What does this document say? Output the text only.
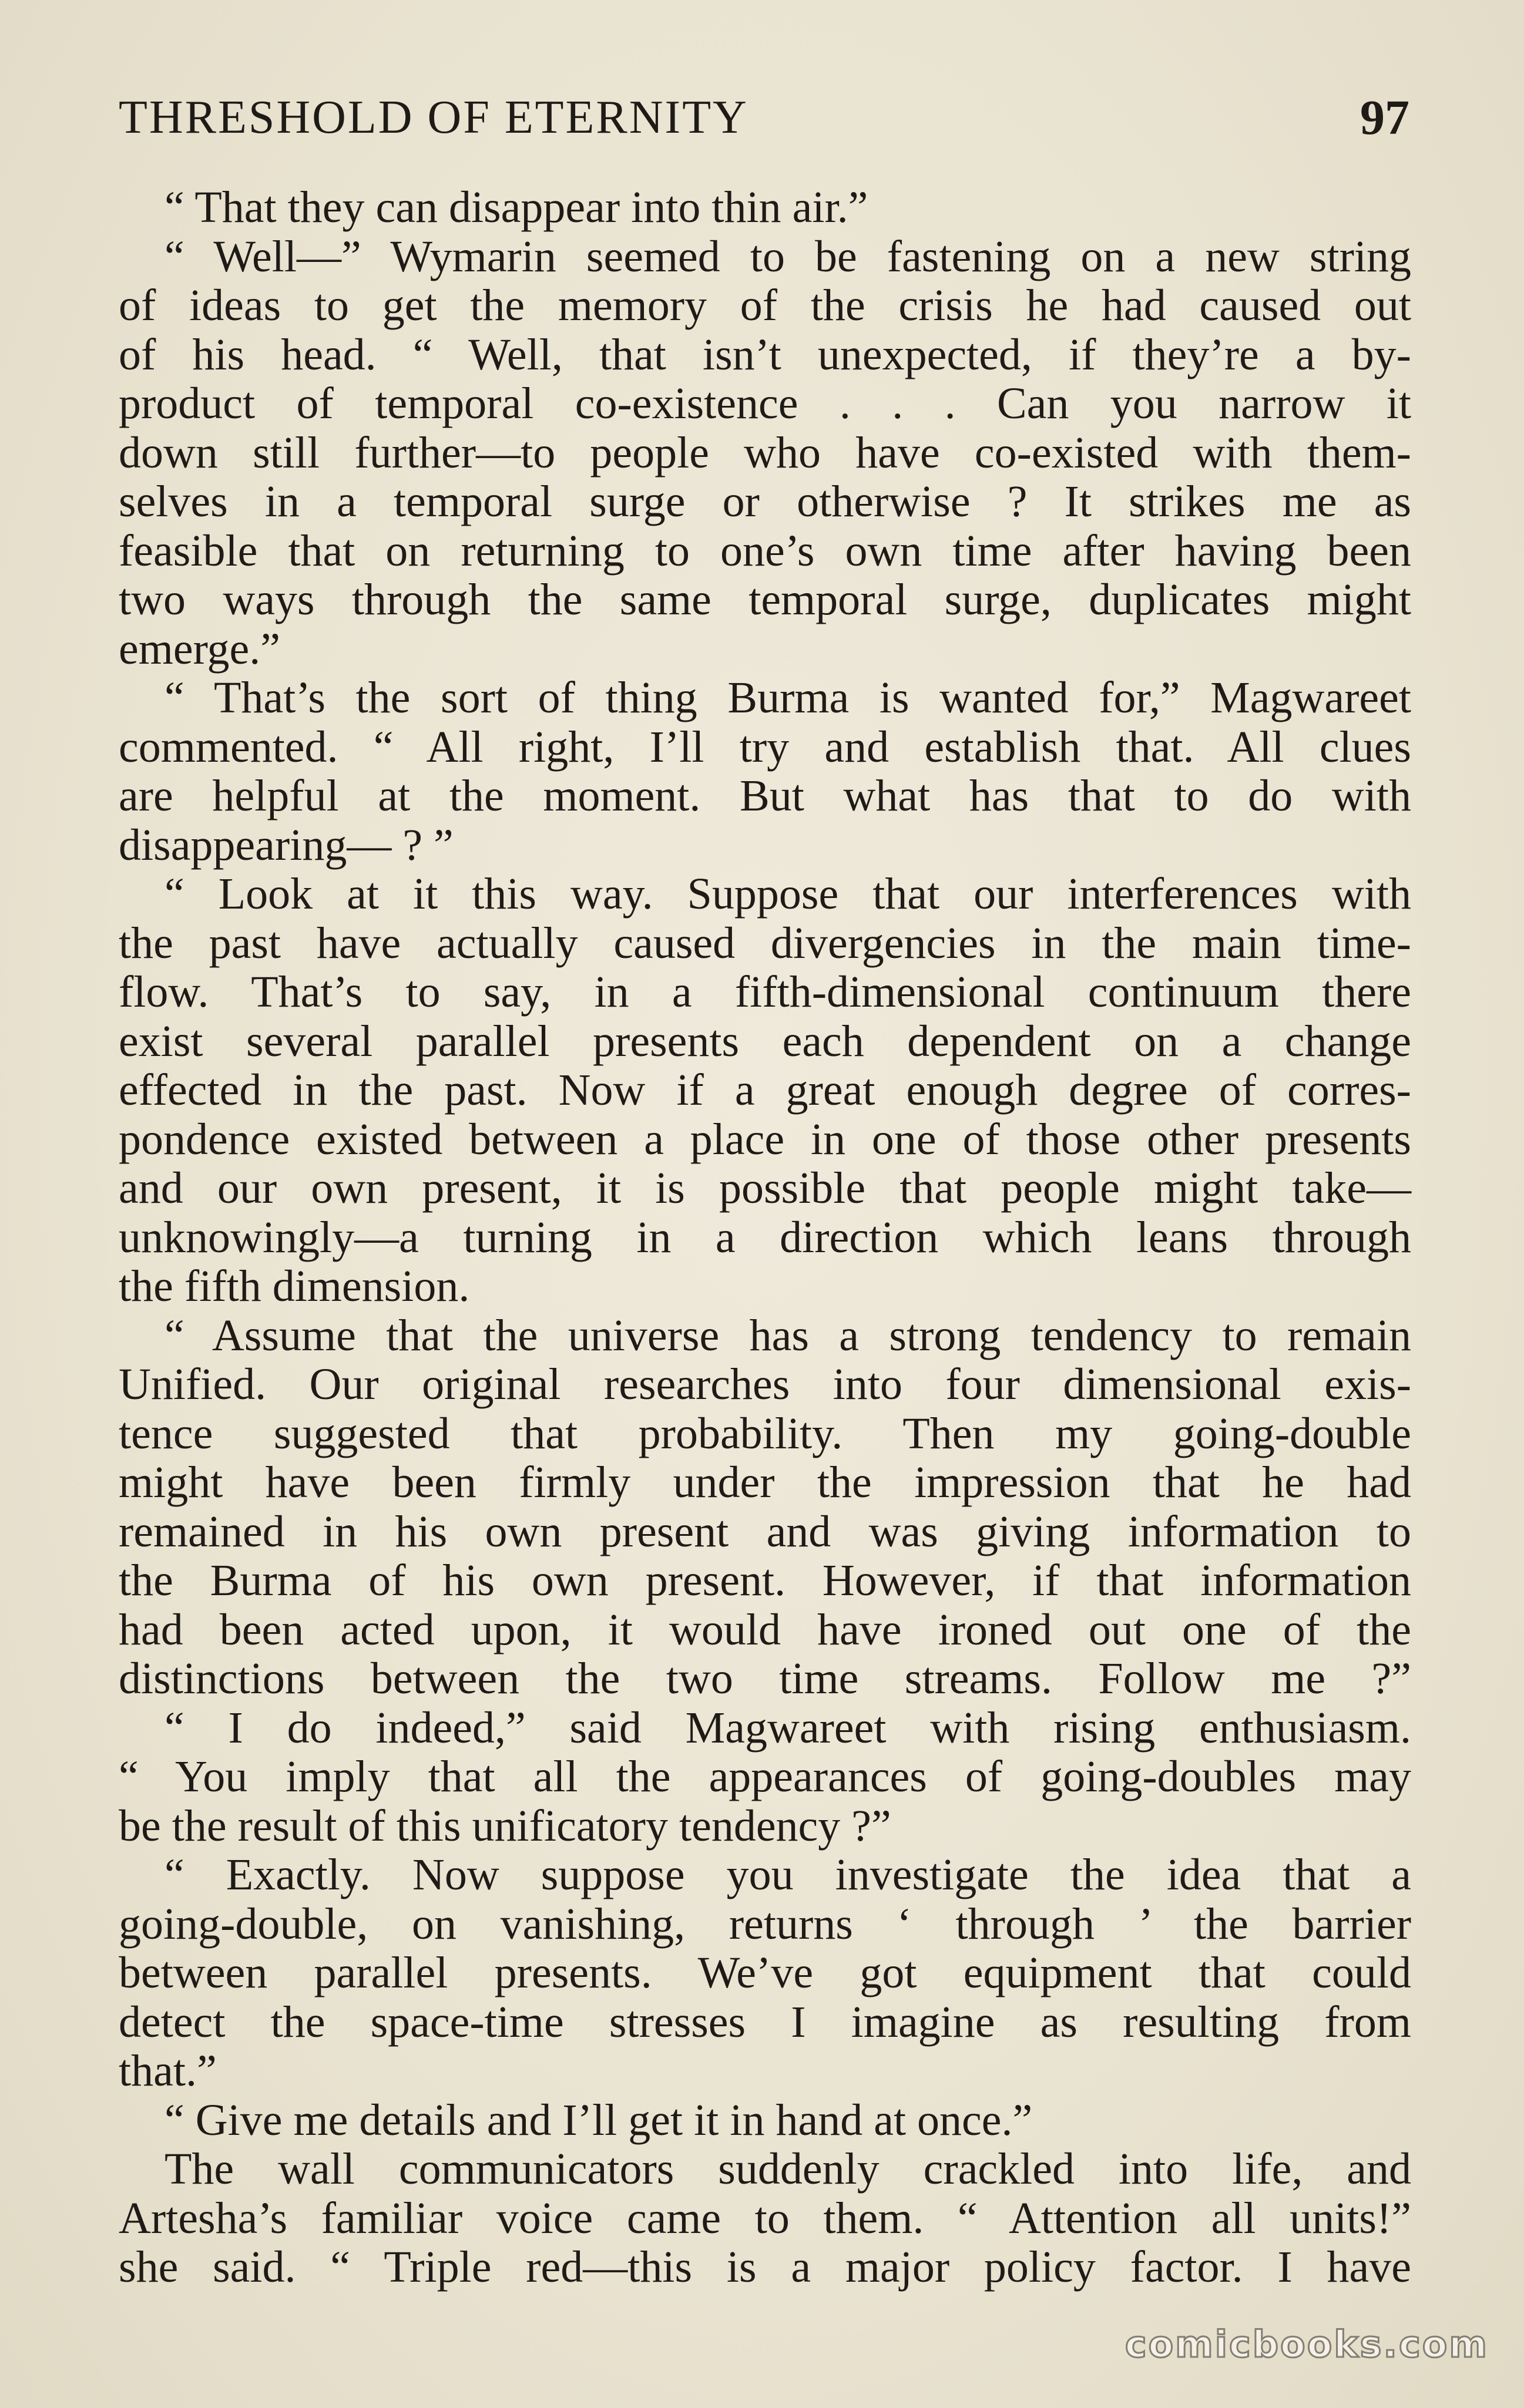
THRESHOLD OF ETERNITY	97
“ That they can disappear into thin air.”
“ Well—” Wymarin seemed to be fastening on a new string
of ideas to get the memory of the crisis he had caused out
of his head. “ Well, that isn’t unexpected, if they’re a by-
product of temporal co-existence . . . Can you narrow it
down still further—to people who have co-existed with them-
selves in a temporal surge or otherwise ? It strikes me as
feasible that on returning to one’s own time after having been
two ways through the same temporal surge, duplicates might
emerge.”
“ That’s the sort of thing Burma is wanted for,” Magwareet
commented. “ All right, I’ll try and establish that. All clues
are helpful at the moment. But what has that to do with
disappearing— ? ”
“ Look at it this way. Suppose that our interferences with
the past have actually caused divergencies in the main time-
flow. That’s to say, in a fifth-dimensional continuum there
exist several parallel presents each dependent on a change
effected in the past. Now if a great enough degree of corres-
pondence existed between a place in one of those other presents
and our own present, it is possible that people might take—
unknowingly—a turning in a direction which leans through
the fifth dimension.
“ Assume that the universe has a strong tendency to remain
Unified. Our original researches into four dimensional exis-
tence suggested that probability. Then my going-double
might have been firmly under the impression that he had
remained in his own present and was giving information to
the Burma of his own present. However, if that information
had been acted upon, it would have ironed out one of the
distinctions between the two time streams. Follow me ?”
“ I do indeed,” said Magwareet with rising enthusiasm.
“ You imply that all the appearances of going-doubles may
be the result of this unificatory tendency ?”
“ Exactly. Now suppose you investigate the idea that a
going-double, on vanishing, returns ‘ through ’ the barrier
between parallel presents. We’ve got equipment that could
detect the space-time stresses I imagine as resulting from
that.”
“ Give me details and I’ll get it in hand at once.”
The wall communicators suddenly crackled into life, and
Artesha’s familiar voice came to them. “ Attention all units!”
she said. “ Triple red—this is a major policy factor. I have
comicbooks.com
